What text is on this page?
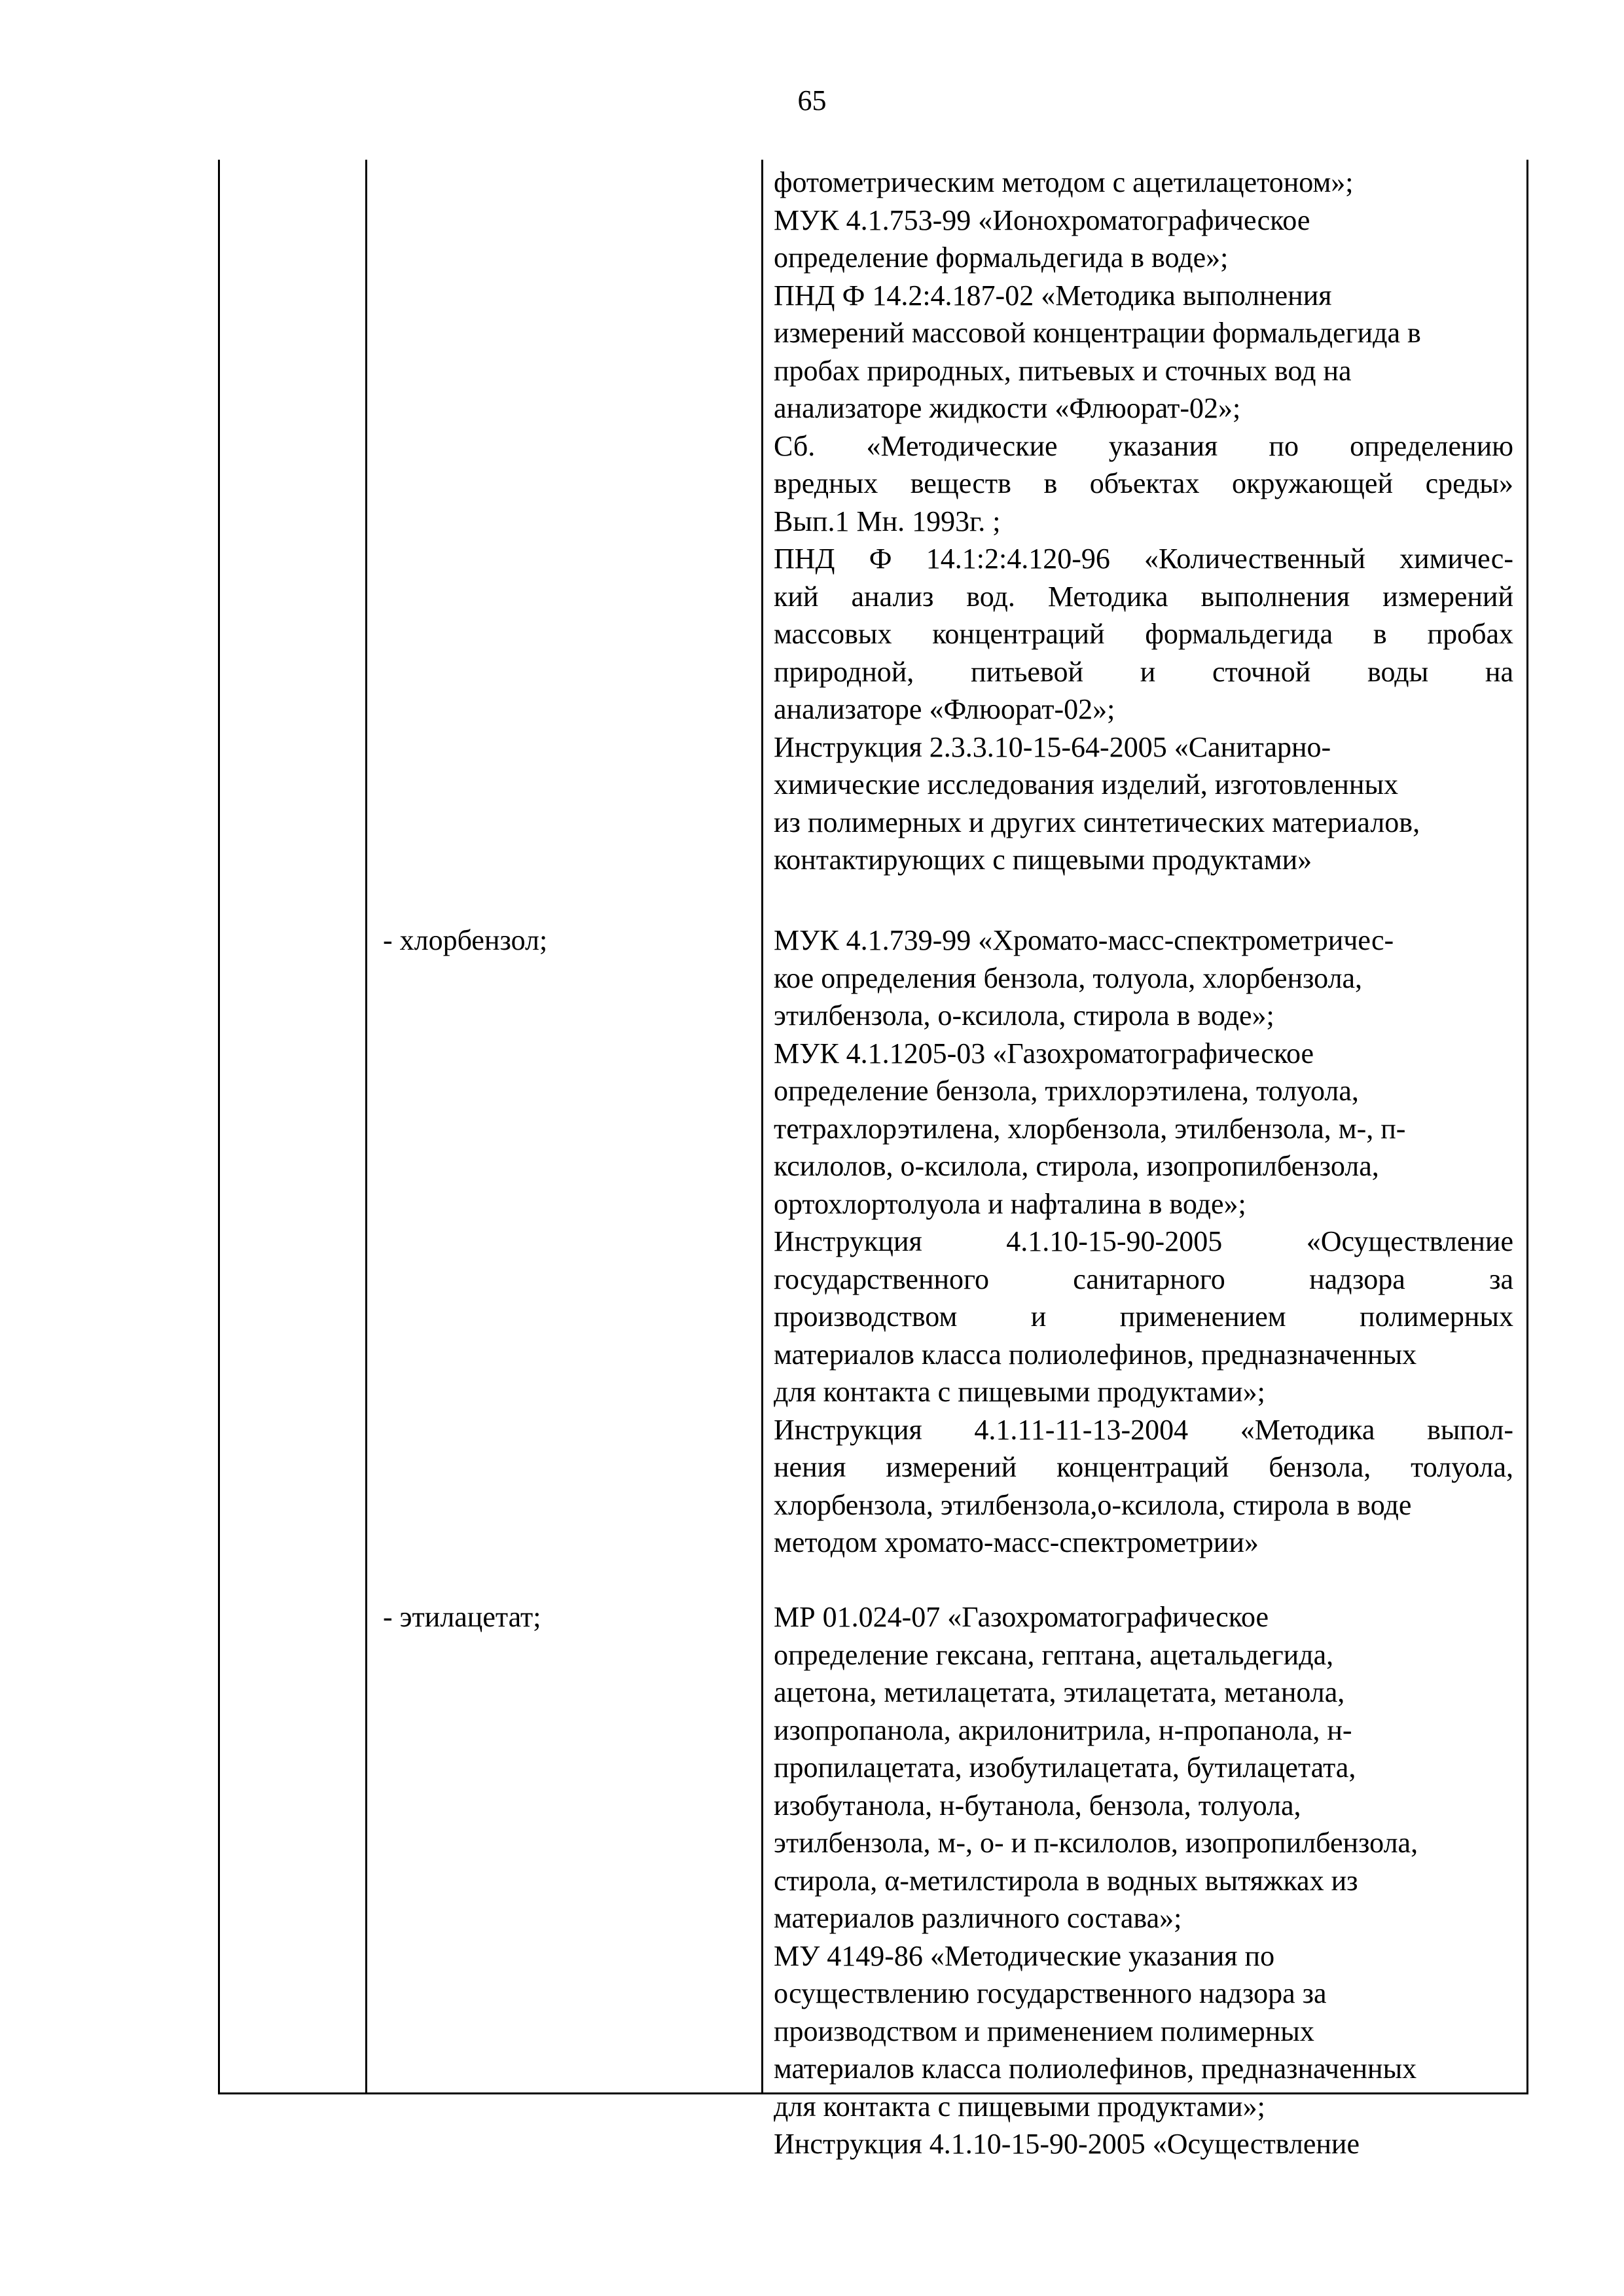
65
фотометрическим методом с ацетилацетоном»;
МУК 4.1.753-99 «Ионохроматографическое
определение формальдегида в воде»;
ПНД Ф 14.2:4.187-02 «Методика выполнения
измерений массовой концентрации формальдегида в
пробах природных, питьевых и сточных вод на
анализаторе жидкости «Флюорат-02»;
Сб. «Методические указания по определению
вредных веществ в объектах окружающей среды»
Вып.1 Мн. 1993г. ;
ПНД Ф 14.1:2:4.120-96 «Количественный химичес-
кий анализ вод. Методика выполнения измерений
массовых концентраций формальдегида в пробах
природной, питьевой и сточной воды на
анализаторе «Флюорат-02»;
Инструкция 2.3.3.10-15-64-2005 «Санитарно-
химические исследования изделий, изготовленных
из полимерных и других синтетических материалов,
контактирующих с пищевыми продуктами»
- хлорбензол;	МУК 4.1.739-99 «Хромато-масс-спектрометричес-
кое определения бензола, толуола, хлорбензола,
этилбензола, о-ксилола, стирола в воде»;
МУК 4.1.1205-03 «Газохроматографическое
определение бензола, трихлорэтилена, толуола,
тетрахлорэтилена, хлорбензола, этилбензола, м-, п-
ксилолов, о-ксилола, стирола, изопропилбензола,
ортохлортолуола и нафталина в воде»;
Инструкция 4.1.10-15-90-2005 «Осуществление
государственного санитарного надзора за
производством и применением полимерных
материалов класса полиолефинов, предназначенных
для контакта с пищевыми продуктами»;
Инструкция 4.1.11-11-13-2004 «Методика выпол-
нения измерений концентраций бензола, толуола,
хлорбензола, этилбензола,о-ксилола, стирола в воде
методом хромато-масс-спектрометрии»
- этилацетат;	МР 01.024-07 «Газохроматографическое
определение гексана, гептана, ацетальдегида,
ацетона, метилацетата, этилацетата, метанола,
изопропанола, акрилонитрила, н-пропанола, н-
пропилацетата, изобутилацетата, бутилацетата,
изобутанола, н-бутанола, бензола, толуола,
этилбензола, м-, о- и п-ксилолов, изопропилбензола,
стирола, α-метилстирола в водных вытяжках из
материалов различного состава»;
МУ 4149-86 «Методические указания по
осуществлению государственного надзора за
производством и применением полимерных
материалов класса полиолефинов, предназначенных
для контакта с пищевыми продуктами»;
Инструкция 4.1.10-15-90-2005 «Осуществление
